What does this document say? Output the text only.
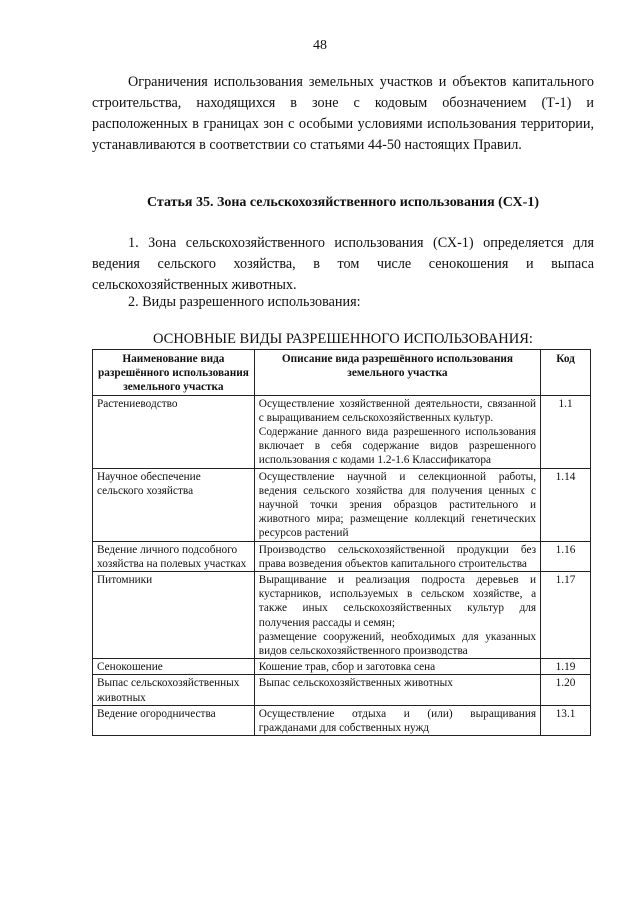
48

Ограничения использования земельных участков и объектов капитального строительства, находящихся в зоне с кодовым обозначением (Т-1) и расположенных в границах зон с особыми условиями использования территории, устанавливаются в соответствии со статьями 44-50 настоящих Правил.

Статья 35. Зона сельскохозяйственного использования (СХ-1)

1. Зона сельскохозяйственного использования (СХ-1) определяется для ведения сельского хозяйства, в том числе сенокошения и выпаса сельскохозяйственных животных.

2. Виды разрешенного использования:

ОСНОВНЫЕ ВИДЫ РАЗРЕШЕННОГО ИСПОЛЬЗОВАНИЯ:

Наименование вида разрешённого использования земельного участка	Описание вида разрешённого использования земельного участка	Код
Растениеводство	Осуществление хозяйственной деятельности, связанной с выращиванием сельскохозяйственных культур.
Содержание данного вида разрешенного использования включает в себя содержание видов разрешенного использования с кодами 1.2-1.6 Классификатора	1.1
Научное обеспечение сельского хозяйства	Осуществление научной и селекционной работы, ведения сельского хозяйства для получения ценных с научной точки зрения образцов растительного и животного мира; размещение коллекций генетических ресурсов растений	1.14
Ведение личного подсобного хозяйства на полевых участках	Производство сельскохозяйственной продукции без права возведения объектов капитального строительства	1.16
Питомники	Выращивание и реализация подроста деревьев и кустарников, используемых в сельском хозяйстве, а также иных сельскохозяйственных культур для получения рассады и семян;
размещение сооружений, необходимых для указанных видов сельскохозяйственного производства	1.17
Сенокошение	Кошение трав, сбор и заготовка сена	1.19
Выпас сельскохозяйственных животных	Выпас сельскохозяйственных животных	1.20
Ведение огородничества	Осуществление отдыха и (или) выращивания гражданами для собственных нужд	13.1
